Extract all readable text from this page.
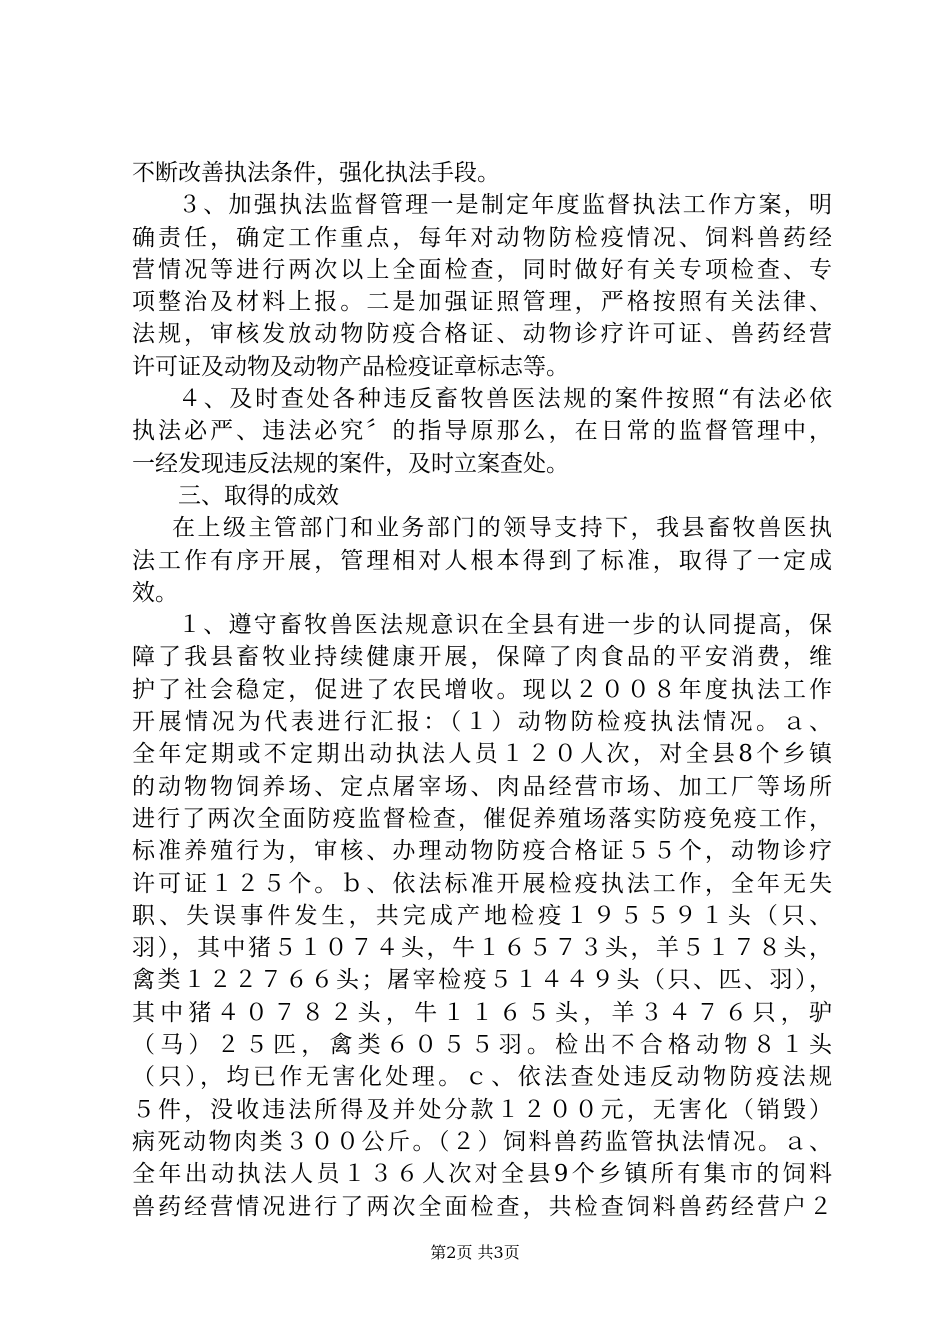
不断改善执法条件，强化执法手段。
３、加强执法监督管理一是制定年度监督执法工作方案，明
确责任，确定工作重点，每年对动物防检疫情况、饲料兽药经
营情况等进行两次以上全面检查，同时做好有关专项检查、专
项整治及材料上报。二是加强证照管理，严格按照有关法律、
法规，审核发放动物防疫合格证、动物诊疗许可证、兽药经营
许可证及动物及动物产品检疫证章标志等。
４、及时查处各种违反畜牧兽医法规的案件按照“有法必依
执法必严、违法必究〞的指导原那么，在日常的监督管理中，
一经发现违反法规的案件，及时立案查处。
三、取得的成效
在上级主管部门和业务部门的领导支持下，我县畜牧兽医执
法工作有序开展，管理相对人根本得到了标准，取得了一定成
效。
１、遵守畜牧兽医法规意识在全县有进一步的认同提高，保
障了我县畜牧业持续健康开展，保障了肉食品的平安消费，维
护了社会稳定，促进了农民增收。现以２００８年度执法工作
开展情况为代表进行汇报：（１）动物防检疫执法情况。ａ、
全年定期或不定期出动执法人员１２０人次，对全县8个乡镇
的动物物饲养场、定点屠宰场、肉品经营市场、加工厂等场所
进行了两次全面防疫监督检查，催促养殖场落实防疫免疫工作，
标准养殖行为，审核、办理动物防疫合格证５５个，动物诊疗
许可证１２５个。ｂ、依法标准开展检疫执法工作，全年无失
职、失误事件发生，共完成产地检疫１９５５９１头（只、
羽），其中猪５１０７４头，牛１６５７３头，羊５１７８头，
禽类１２２７６６头；屠宰检疫５１４４９头（只、匹、羽），
其中猪４０７８２头，牛１１６５头，羊３４７６只，驴
（马）２５匹，禽类６０５５羽。检出不合格动物８１头
（只），均已作无害化处理。ｃ、依法查处违反动物防疫法规
５件，没收违法所得及并处分款１２００元，无害化（销毁）
病死动物肉类３００公斤。（２）饲料兽药监管执法情况。ａ、
全年出动执法人员１３６人次对全县9个乡镇所有集市的饲料
兽药经营情况进行了两次全面检查，共检查饲料兽药经营户２
第2页 共3页
